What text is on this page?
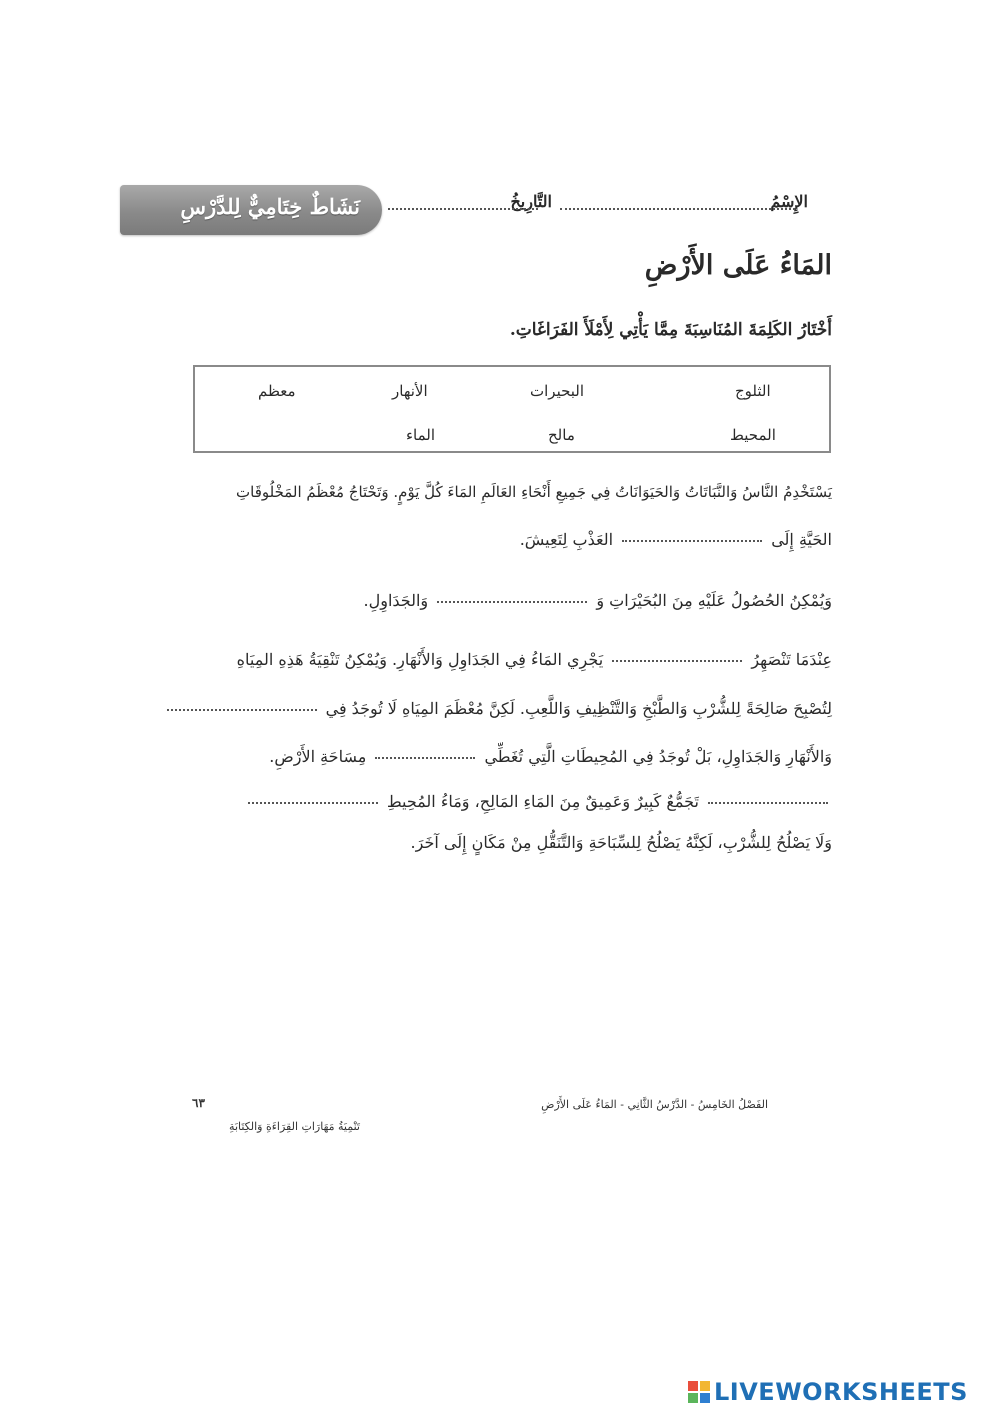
نَشَاطٌ خِتَامِيٌّ لِلدَّرْسِ	الإِسْمُ
التَّارِيخُ
المَاءُ عَلَى الأَرْضِ
أَخْتَارُ الكَلِمَةَ المُنَاسِبَةَ مِمَّا يَأْتِي لِأَمْلَأَ الفَرَاغَاتِ.
الثلوج
البحيرات
الأنهار
معظم
المحيط
مالح
الماء
يَسْتَخْدِمُ النَّاسُ وَالنَّبَاتَاتُ وَالحَيَوَانَاتُ فِي جَمِيعِ أَنْحَاءِ العَالَمِ المَاءَ كُلَّ يَوْمٍ. وَتَحْتَاجُ مُعْظَمُ المَخْلُوقَاتِ
الحَيَّةِ إِلَى  العَذْبِ لِتَعِيشَ.
وَيُمْكِنُ الحُصُولُ عَلَيْهِ مِنَ البُحَيْرَاتِ وَ  وَالجَدَاوِلِ.
عِنْدَمَا تَنْصَهِرُ  يَجْرِي المَاءُ فِي الجَدَاوِلِ وَالأَنْهَارِ. وَيُمْكِنُ تَنْقِيَةُ هَذِهِ المِيَاهِ
لِتُصْبِحَ صَالِحَةً لِلشُّرْبِ وَالطَّبْخِ وَالتَّنْظِيفِ وَاللَّعِبِ. لَكِنَّ مُعْظَمَ المِيَاهِ لَا تُوجَدُ فِي
وَالأَنْهَارِ وَالجَدَاوِلِ، بَلْ تُوجَدُ فِي المُحِيطَاتِ الَّتِي تُغَطِّي  مِسَاحَةِ الأَرْضِ.
تَجَمُّعٌ كَبِيرٌ وَعَمِيقٌ مِنَ المَاءِ المَالِحِ، وَمَاءُ المُحِيطِ
وَلَا يَصْلُحُ لِلشُّرْبِ، لَكِنَّهُ يَصْلُحُ لِلسِّبَاحَةِ وَالتَّنَقُّلِ مِنْ مَكَانٍ إِلَى آخَرَ.
الفَصْلُ الخَامِسُ - الدَّرْسُ الثَّانِي - المَاءُ عَلَى الأَرْضِ
٦٣
تَنْمِيَةُ مَهَارَاتِ القِرَاءَةِ وَالكِتَابَةِ
LIVEWORKSHEETS
